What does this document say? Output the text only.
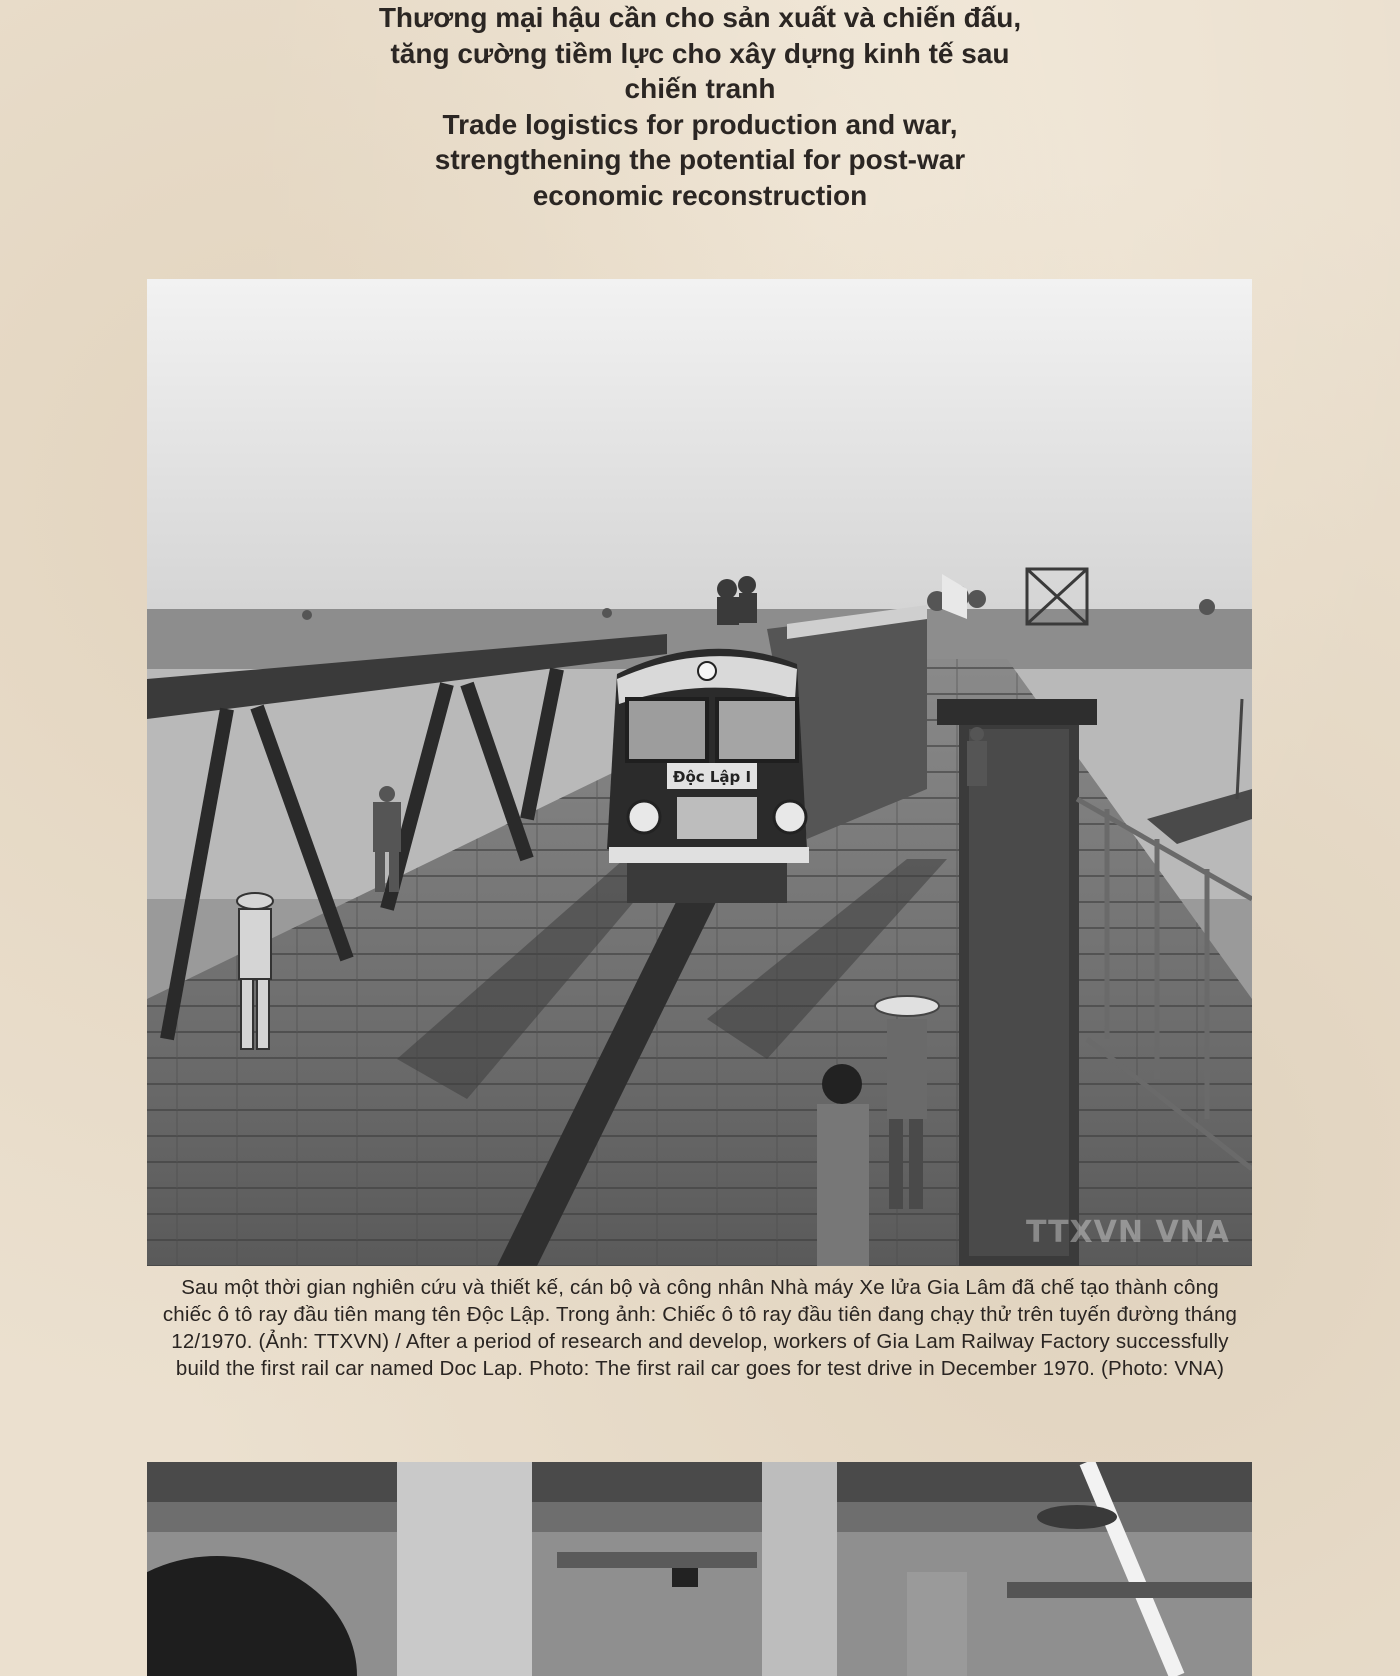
Thương mại hậu cần cho sản xuất và chiến đấu,
tăng cường tiềm lực cho xây dựng kinh tế sau
chiến tranh
Trade logistics for production and war,
strengthening the potential for post-war
economic reconstruction
Độc Lập I
TTXVN VNA
Sau một thời gian nghiên cứu và thiết kế, cán bộ và công nhân Nhà máy Xe lửa Gia Lâm đã chế tạo thành công chiếc ô tô ray đầu tiên mang tên Độc Lập. Trong ảnh: Chiếc ô tô ray đầu tiên đang chạy thử trên tuyến đường tháng 12/1970. (Ảnh: TTXVN) / After a period of research and develop, workers of Gia Lam Railway Factory successfully build the first rail car named Doc Lap. Photo: The first rail car goes for test drive in December 1970. (Photo: VNA)
